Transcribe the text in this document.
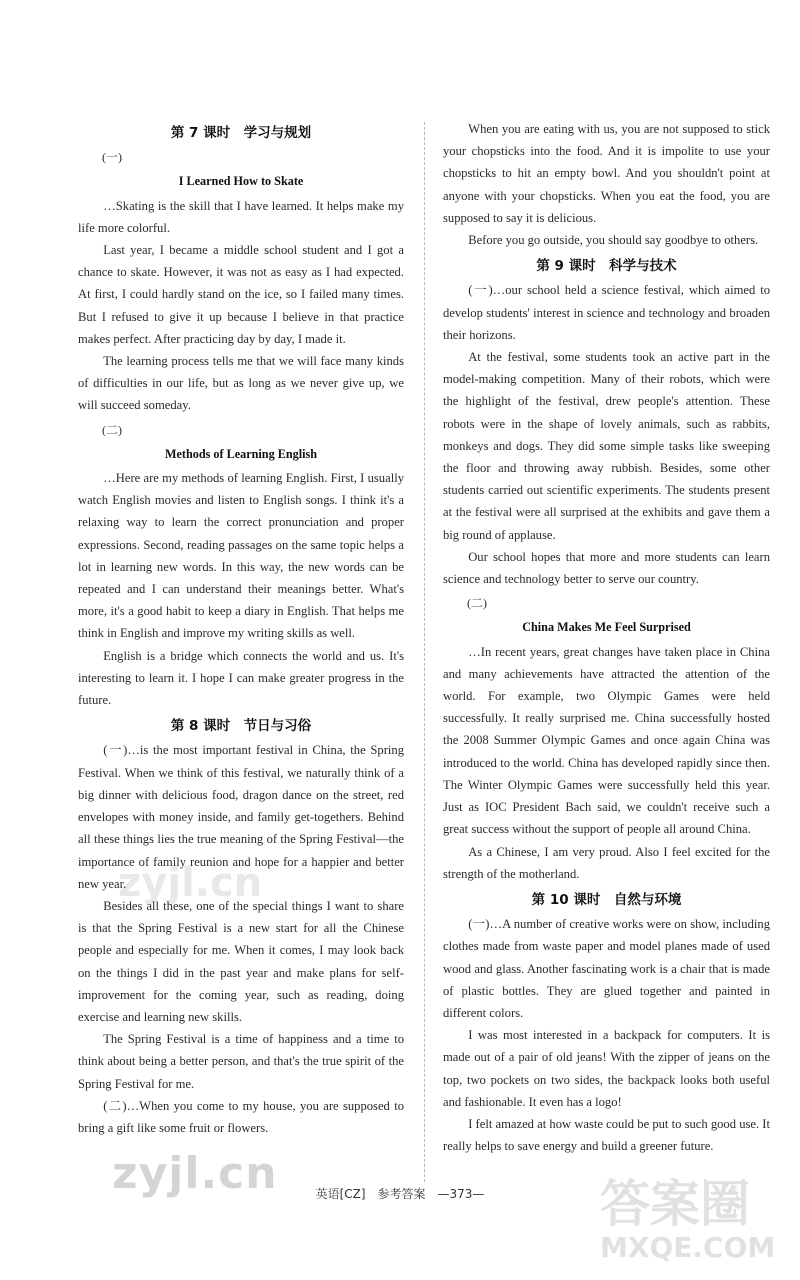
第 7 课时　学习与规划
(一)
I Learned How to Skate

…Skating is the skill that I have learned. It helps make my life more colorful.

Last year, I became a middle school student and I got a chance to skate. However, it was not as easy as I had expected. At first, I could hardly stand on the ice, so I failed many times. But I refused to give it up because I believe in that practice makes perfect. After practicing day by day, I made it.

The learning process tells me that we will face many kinds of difficulties in our life, but as long as we never give up, we will succeed someday.

(二)
Methods of Learning English

…Here are my methods of learning English. First, I usually watch English movies and listen to English songs. I think it's a relaxing way to learn the correct pronunciation and proper expressions. Second, reading passages on the same topic helps a lot in learning new words. In this way, the new words can be repeated and I can understand their meanings better. What's more, it's a good habit to keep a diary in English. That helps me think in English and improve my writing skills as well.

English is a bridge which connects the world and us. It's interesting to learn it. I hope I can make greater progress in the future.

第 8 课时　节日与习俗

(一)…is the most important festival in China, the Spring Festival. When we think of this festival, we naturally think of a big dinner with delicious food, dragon dance on the street, red envelopes with money inside, and family get-togethers. Behind all these things lies the true meaning of the Spring Festival—the importance of family reunion and hope for a happier and better new year.

Besides all these, one of the special things I want to share is that the Spring Festival is a new start for all the Chinese people and especially for me. When it comes, I may look back on the things I did in the past year and make plans for self-improvement for the coming year, such as reading, doing exercise and learning new skills.

The Spring Festival is a time of happiness and a time to think about being a better person, and that's the true spirit of the Spring Festival for me.

(二)…When you come to my house, you are supposed to bring a gift like some fruit or flowers.

When you are eating with us, you are not supposed to stick your chopsticks into the food. And it is impolite to use your chopsticks to hit an empty bowl. And you shouldn't point at anyone with your chopsticks. When you eat the food, you are supposed to say it is delicious.

Before you go outside, you should say goodbye to others.

第 9 课时　科学与技术

(一)…our school held a science festival, which aimed to develop students' interest in science and technology and broaden their horizons.

At the festival, some students took an active part in the model-making competition. Many of their robots, which were the highlight of the festival, drew people's attention. These robots were in the shape of lovely animals, such as rabbits, monkeys and dogs. They did some simple tasks like sweeping the floor and throwing away rubbish. Besides, some other students carried out scientific experiments. The students present at the festival were all surprised at the exhibits and gave them a big round of applause.

Our school hopes that more and more students can learn science and technology better to serve our country.

(二)
China Makes Me Feel Surprised

…In recent years, great changes have taken place in China and many achievements have attracted the attention of the world. For example, two Olympic Games were held successfully. It really surprised me. China successfully hosted the 2008 Summer Olympic Games and once again China was introduced to the world. China has developed rapidly since then. The Winter Olympic Games were successfully held this year. Just as IOC President Bach said, we couldn't receive such a great success without the support of people all around China.

As a Chinese, I am very proud. Also I feel excited for the strength of the motherland.

第 10 课时　自然与环境

(一)…A number of creative works were on show, including clothes made from waste paper and model planes made of used wood and glass. Another fascinating work is a chair that is made of plastic bottles. They are glued together and painted in different colors.

I was most interested in a backpack for computers. It is made out of a pair of old jeans! With the zipper of jeans on the top, two pockets on two sides, the backpack looks both useful and fashionable. It even has a logo!

I felt amazed at how waste could be put to such good use. It really helps to save energy and build a greener future.

zyjl.cn
zyjl.cn	英语[CZ]　参考答案　—373—	答案圈
MXQE.COM
